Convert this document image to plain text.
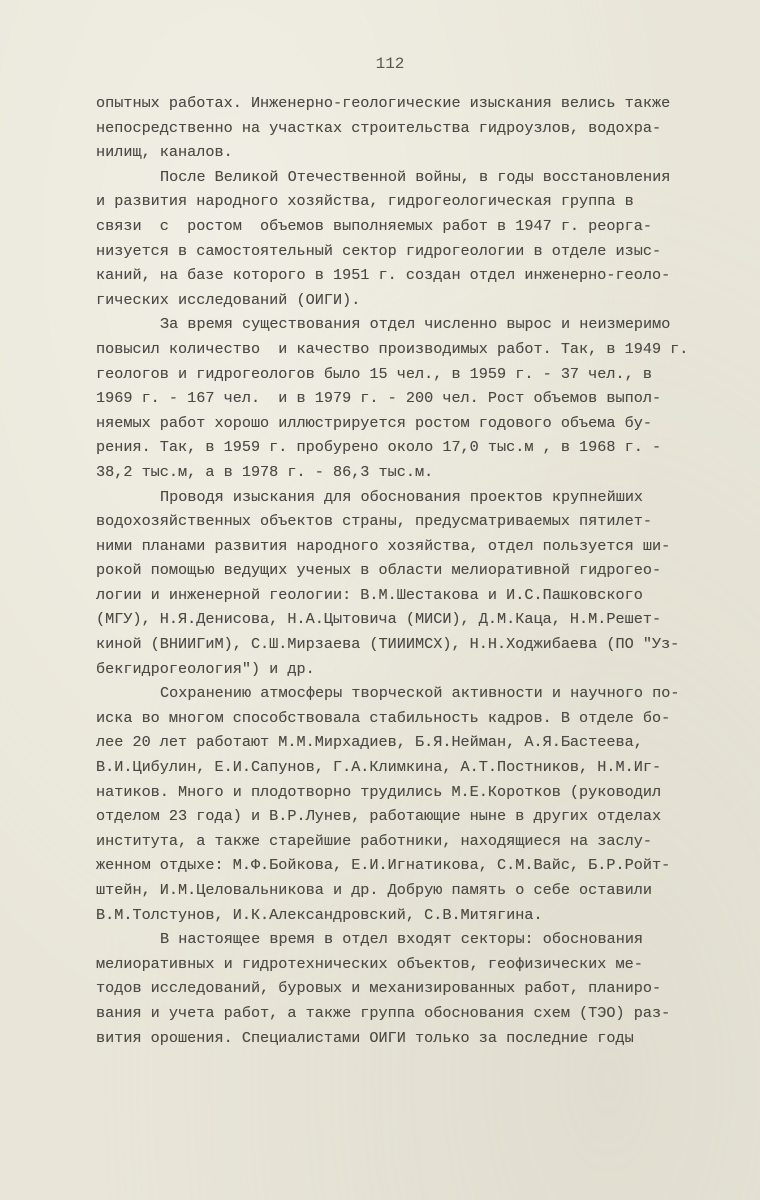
112
опытных работах. Инженерно-геологические изыскания велись также
непосредственно на участках строительства гидроузлов, водохра-
нилищ, каналов.
После Великой Отечественной войны, в годы восстановления
и развития народного хозяйства, гидрогеологическая группа в
связи  с  ростом  объемов выполняемых работ в 1947 г. реорга-
низуется в самостоятельный сектор гидрогеологии в отделе изыс-
каний, на базе которого в 1951 г. создан отдел инженерно-геоло-
гических исследований (ОИГИ).
За время существования отдел численно вырос и неизмеримо
повысил количество  и качество производимых работ. Так, в 1949 г.
геологов и гидрогеологов было 15 чел., в 1959 г. - 37 чел., в
1969 г. - 167 чел.  и в 1979 г. - 200 чел. Рост объемов выпол-
няемых работ хорошо иллюстрируется ростом годового объема бу-
рения. Так, в 1959 г. пробурено около 17,0 тыс.м , в 1968 г. -
38,2 тыс.м, а в 1978 г. - 86,3 тыс.м.
Проводя изыскания для обоснования проектов крупнейших
водохозяйственных объектов страны, предусматриваемых пятилет-
ними планами развития народного хозяйства, отдел пользуется ши-
рокой помощью ведущих ученых в области мелиоративной гидрогео-
логии и инженерной геологии: В.М.Шестакова и И.С.Пашковского
(МГУ), Н.Я.Денисова, Н.А.Цытовича (МИСИ), Д.М.Каца, Н.М.Решет-
киной (ВНИИГиМ), С.Ш.Мирзаева (ТИИИМСХ), Н.Н.Ходжибаева (ПО "Уз-
бекгидрогеология") и др.
Сохранению атмосферы творческой активности и научного по-
иска во многом способствовала стабильность кадров. В отделе бо-
лее 20 лет работают М.М.Мирхадиев, Б.Я.Нейман, А.Я.Бастеева,
В.И.Цибулин, Е.И.Сапунов, Г.А.Климкина, А.Т.Постников, Н.М.Иг-
натиков. Много и плодотворно трудились М.Е.Коротков (руководил
отделом 23 года) и В.Р.Лунев, работающие ныне в других отделах
института, а также старейшие работники, находящиеся на заслу-
женном отдыхе: М.Ф.Бойкова, Е.И.Игнатикова, С.М.Вайс, Б.Р.Ройт-
штейн, И.М.Целовальникова и др. Добрую память о себе оставили
В.М.Толстунов, И.К.Александровский, С.В.Митягина.
В настоящее время в отдел входят секторы: обоснования
мелиоративных и гидротехнических объектов, геофизических ме-
тодов исследований, буровых и механизированных работ, планиро-
вания и учета работ, а также группа обоснования схем (ТЭО) раз-
вития орошения. Специалистами ОИГИ только за последние годы
